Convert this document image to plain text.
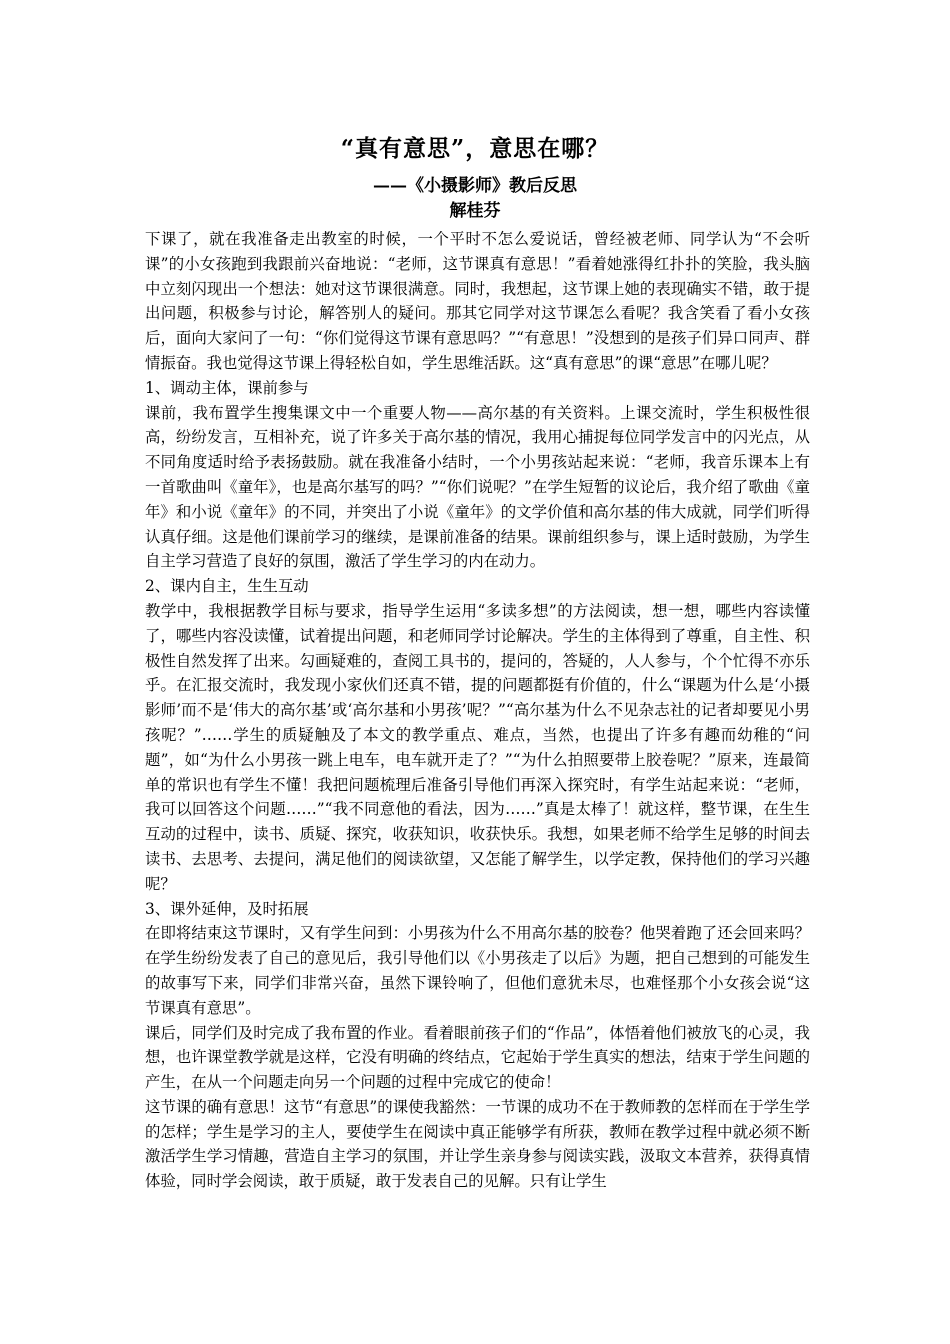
“真有意思”，意思在哪？
——《小摄影师》教后反思
解桂芬

下课了，就在我准备走出教室的时候，一个平时不怎么爱说话，曾经被老师、同学认为“不会听课”的小女孩跑到我跟前兴奋地说：“老师，这节课真有意思！”看着她涨得红扑扑的笑脸，我头脑中立刻闪现出一个想法：她对这节课很满意。同时，我想起，这节课上她的表现确实不错，敢于提出问题，积极参与讨论，解答别人的疑问。那其它同学对这节课怎么看呢？我含笑看了看小女孩后，面向大家问了一句：“你们觉得这节课有意思吗？”“有意思！”没想到的是孩子们异口同声、群情振奋。我也觉得这节课上得轻松自如，学生思维活跃。这“真有意思”的课“意思”在哪儿呢？

1、调动主体，课前参与

课前，我布置学生搜集课文中一个重要人物——高尔基的有关资料。上课交流时，学生积极性很高，纷纷发言，互相补充，说了许多关于高尔基的情况，我用心捕捉每位同学发言中的闪光点，从不同角度适时给予表扬鼓励。就在我准备小结时，一个小男孩站起来说：“老师，我音乐课本上有一首歌曲叫《童年》，也是高尔基写的吗？”“你们说呢？”在学生短暂的议论后，我介绍了歌曲《童年》和小说《童年》的不同，并突出了小说《童年》的文学价值和高尔基的伟大成就，同学们听得认真仔细。这是他们课前学习的继续，是课前准备的结果。课前组织参与，课上适时鼓励，为学生自主学习营造了良好的氛围，激活了学生学习的内在动力。

2、课内自主，生生互动

教学中，我根据教学目标与要求，指导学生运用“多读多想”的方法阅读，想一想，哪些内容读懂了，哪些内容没读懂，试着提出问题，和老师同学讨论解决。学生的主体得到了尊重，自主性、积极性自然发挥了出来。勾画疑难的，查阅工具书的，提问的，答疑的，人人参与，个个忙得不亦乐乎。在汇报交流时，我发现小家伙们还真不错，提的问题都挺有价值的，什么“课题为什么是‘小摄影师’而不是‘伟大的高尔基’或‘高尔基和小男孩’呢？”“高尔基为什么不见杂志社的记者却要见小男孩呢？”……学生的质疑触及了本文的教学重点、难点，当然，也提出了许多有趣而幼稚的“问题”，如“为什么小男孩一跳上电车，电车就开走了？”“为什么拍照要带上胶卷呢？”原来，连最简单的常识也有学生不懂！我把问题梳理后准备引导他们再深入探究时，有学生站起来说：“老师，我可以回答这个问题……”“我不同意他的看法，因为……”真是太棒了！就这样，整节课，在生生互动的过程中，读书、质疑、探究，收获知识，收获快乐。我想，如果老师不给学生足够的时间去读书、去思考、去提问，满足他们的阅读欲望，又怎能了解学生，以学定教，保持他们的学习兴趣呢？

3、课外延伸，及时拓展

在即将结束这节课时，又有学生问到：小男孩为什么不用高尔基的胶卷？他哭着跑了还会回来吗？在学生纷纷发表了自己的意见后，我引导他们以《小男孩走了以后》为题，把自己想到的可能发生的故事写下来，同学们非常兴奋，虽然下课铃响了，但他们意犹未尽，也难怪那个小女孩会说“这节课真有意思”。

课后，同学们及时完成了我布置的作业。看着眼前孩子们的“作品”，体悟着他们被放飞的心灵，我想，也许课堂教学就是这样，它没有明确的终结点，它起始于学生真实的想法，结束于学生问题的产生，在从一个问题走向另一个问题的过程中完成它的使命！

这节课的确有意思！这节“有意思”的课使我豁然：一节课的成功不在于教师教的怎样而在于学生学的怎样；学生是学习的主人，要使学生在阅读中真正能够学有所获，教师在教学过程中就必须不断激活学生学习情趣，营造自主学习的氛围，并让学生亲身参与阅读实践，汲取文本营养，获得真情体验，同时学会阅读，敢于质疑，敢于发表自己的见解。只有让学生
